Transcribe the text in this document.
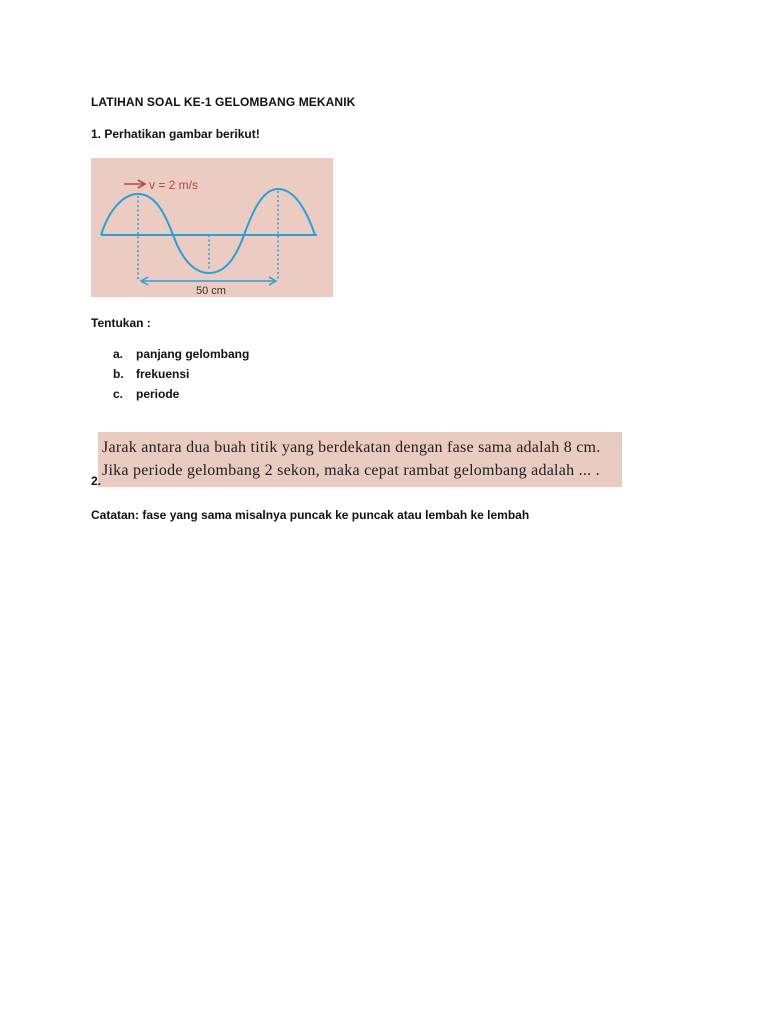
LATIHAN SOAL KE-1 GELOMBANG MEKANIK
1. Perhatikan gambar berikut!
v = 2 m/s
50 cm
Tentukan :
a.	panjang gelombang
b.	frekuensi
c.	periode
Jarak antara dua buah titik yang berdekatan dengan fase sama adalah 8 cm.
Jika periode gelombang 2 sekon, maka cepat rambat gelombang adalah ... .
2.
Catatan: fase yang sama misalnya puncak ke puncak atau lembah ke lembah
